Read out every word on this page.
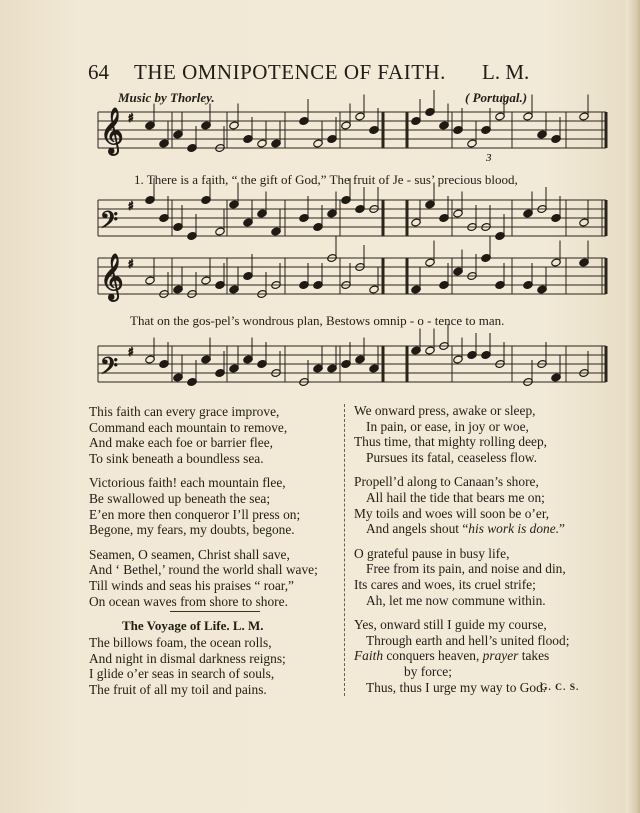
64 THE OMNIPOTENCE OF FAITH. L. M.
Music by Thorley.	( Portugal.)
𝄞 ♯
𝄢 ♯
𝄞 ♯
𝄢 ♯
3
1. There is a faith, “ the gift of God,” The fruit of Je - sus’ precious blood,
That on the gos-pel’s wondrous plan, Bestows omnip - o - tence to man.
This faith can every grace improve,
Command each mountain to remove,
And make each foe or barrier flee,
To sink beneath a boundless sea.
Victorious faith! each mountain flee,
Be swallowed up beneath the sea;
E’en more then conqueror I’ll press on;
Begone, my fears, my doubts, begone.
Seamen, O seamen, Christ shall save,
And ‘ Bethel,’ round the world shall wave;
Till winds and seas his praises “ roar,”
On ocean waves from shore to shore.
The Voyage of Life. L. M.
The billows foam, the ocean rolls,
And night in dismal darkness reigns;
I glide o’er seas in search of souls,
The fruit of all my toil and pains.
We onward press, awake or sleep,
In pain, or ease, in joy or woe,
Thus time, that mighty rolling deep,
Pursues its fatal, ceaseless flow.
Propell’d along to Canaan’s shore,
All hail the tide that bears me on;
My toils and woes will soon be o’er,
And angels shout “his work is done.”
O grateful pause in busy life,
Free from its pain, and noise and din,
Its cares and woes, its cruel strife;
Ah, let me now commune within.
Yes, onward still I guide my course,
Through earth and hell’s united flood;
Faith conquers heaven, prayer takes
by force;
Thus, thus I urge my way to God.
G. C. S.
